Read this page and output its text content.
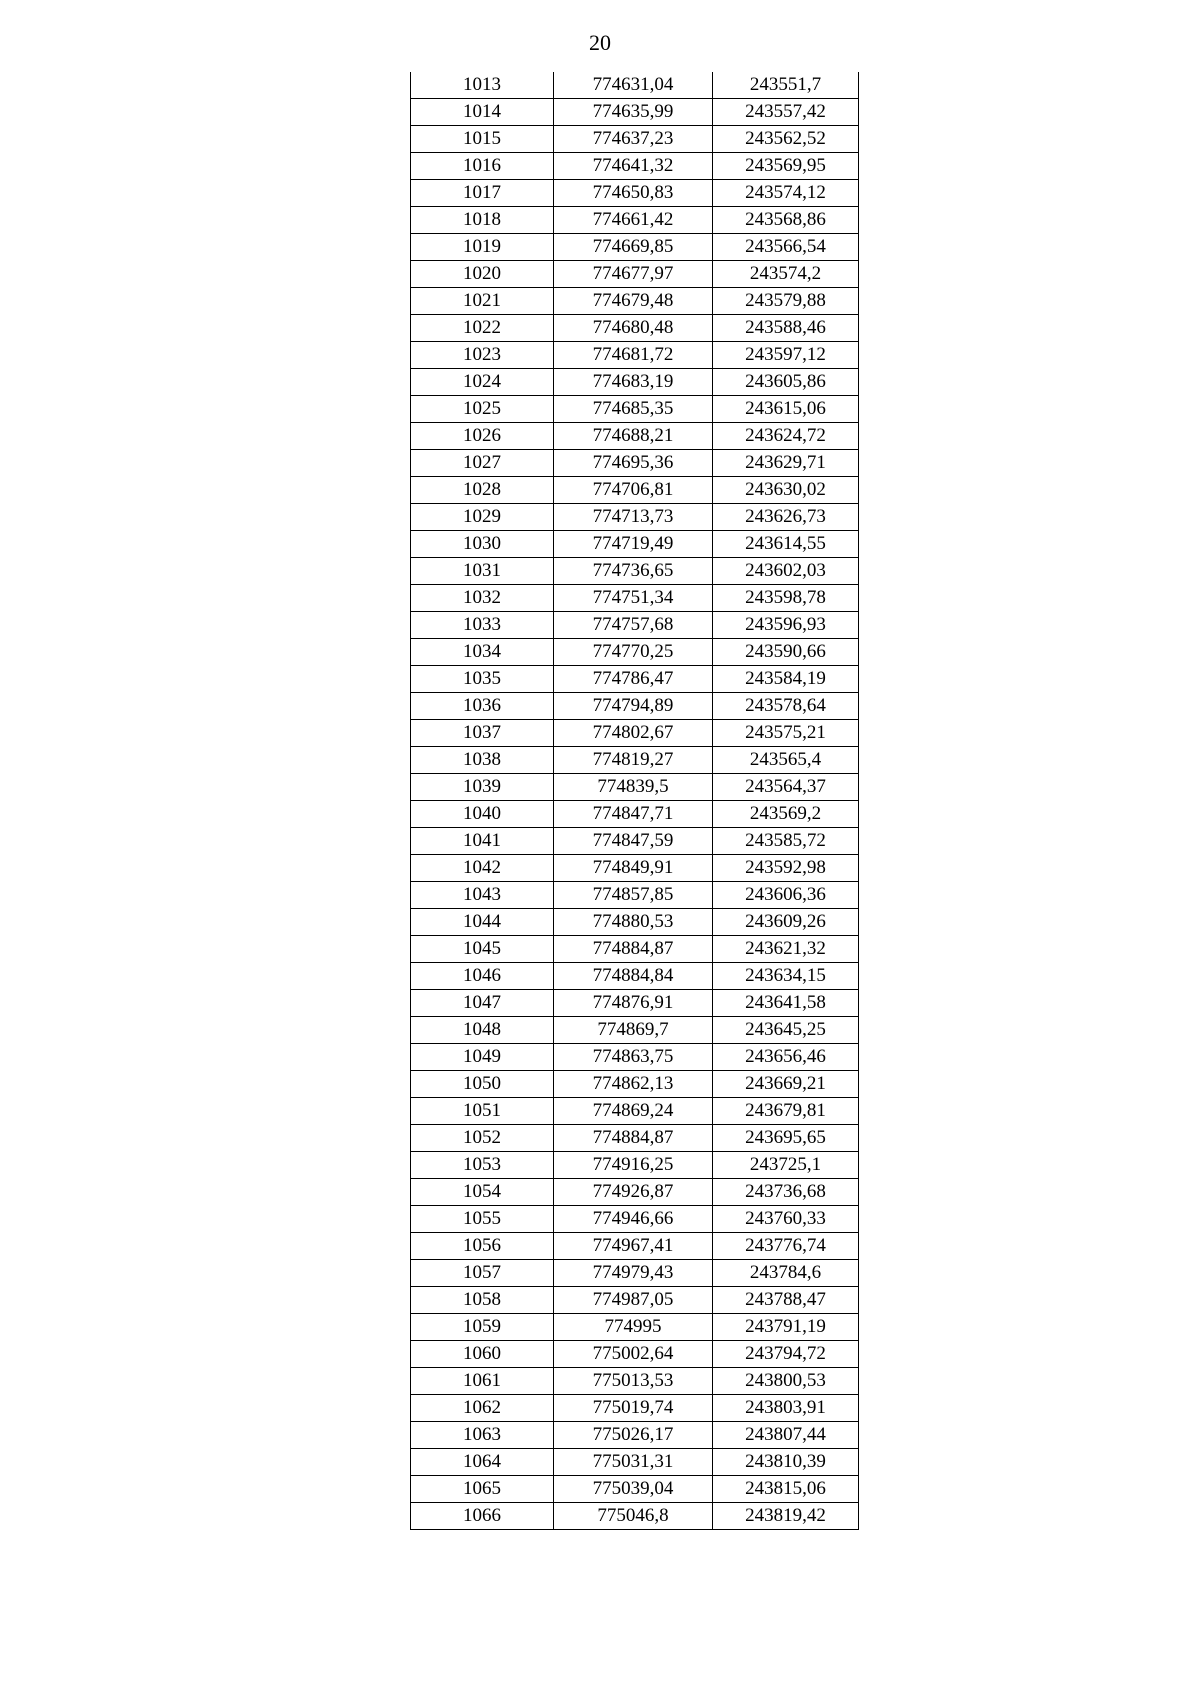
20
1013	774631,04	243551,7
1014	774635,99	243557,42
1015	774637,23	243562,52
1016	774641,32	243569,95
1017	774650,83	243574,12
1018	774661,42	243568,86
1019	774669,85	243566,54
1020	774677,97	243574,2
1021	774679,48	243579,88
1022	774680,48	243588,46
1023	774681,72	243597,12
1024	774683,19	243605,86
1025	774685,35	243615,06
1026	774688,21	243624,72
1027	774695,36	243629,71
1028	774706,81	243630,02
1029	774713,73	243626,73
1030	774719,49	243614,55
1031	774736,65	243602,03
1032	774751,34	243598,78
1033	774757,68	243596,93
1034	774770,25	243590,66
1035	774786,47	243584,19
1036	774794,89	243578,64
1037	774802,67	243575,21
1038	774819,27	243565,4
1039	774839,5	243564,37
1040	774847,71	243569,2
1041	774847,59	243585,72
1042	774849,91	243592,98
1043	774857,85	243606,36
1044	774880,53	243609,26
1045	774884,87	243621,32
1046	774884,84	243634,15
1047	774876,91	243641,58
1048	774869,7	243645,25
1049	774863,75	243656,46
1050	774862,13	243669,21
1051	774869,24	243679,81
1052	774884,87	243695,65
1053	774916,25	243725,1
1054	774926,87	243736,68
1055	774946,66	243760,33
1056	774967,41	243776,74
1057	774979,43	243784,6
1058	774987,05	243788,47
1059	774995	243791,19
1060	775002,64	243794,72
1061	775013,53	243800,53
1062	775019,74	243803,91
1063	775026,17	243807,44
1064	775031,31	243810,39
1065	775039,04	243815,06
1066	775046,8	243819,42
